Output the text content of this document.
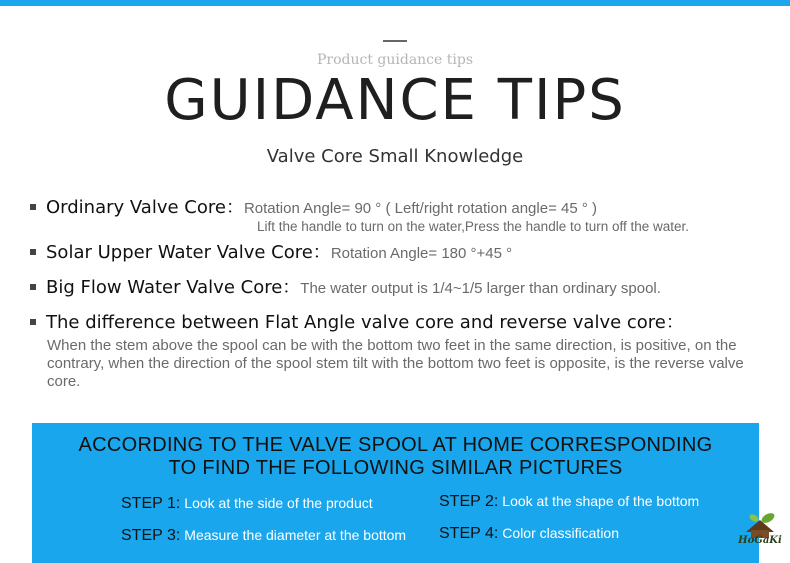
Product guidance tips
GUIDANCE TIPS
Valve Core Small Knowledge
Ordinary Valve Core：Rotation Angle= 90 ° ( Left/right rotation angle= 45 ° )
Lift the handle to turn on the water,Press the handle to turn off the water.
Solar Upper Water Valve Core：Rotation Angle= 180 °+45 °
Big Flow Water Valve Core：The water output is 1/4~1/5 larger than ordinary spool.
The difference between Flat Angle valve core and reverse valve core：
When the stem above the spool can be with the bottom two feet in the same direction, is positive, on the contrary, when the direction of the spool stem tilt with the bottom two feet is opposite, is the reverse valve core.
ACCORDING TO THE VALVE SPOOL AT HOME CORRESPONDING
TO FIND THE FOLLOWING SIMILAR PICTURES
STEP 1: Look at the side of the product	STEP 2: Look at the shape of the bottom
STEP 3: Measure the diameter at the bottom STEP 4: Color classification	HoGaKi
